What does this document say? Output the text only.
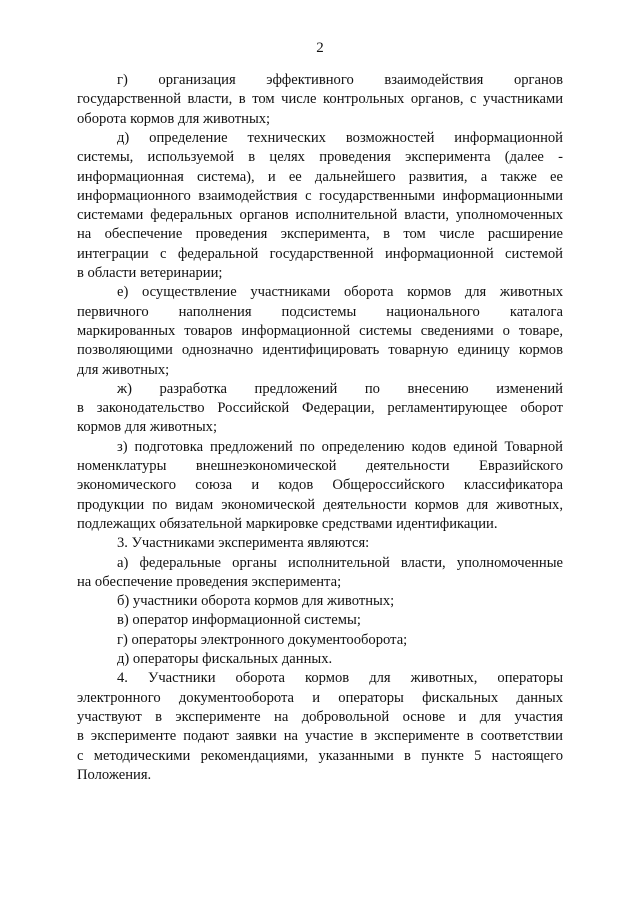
2
г) организация эффективного взаимодействия органов
государственной власти, в том числе контрольных органов, с участниками
оборота кормов для животных;
д) определение технических возможностей информационной
системы, используемой в целях проведения эксперимента (далее -
информационная система), и ее дальнейшего развития, а также ее
информационного взаимодействия с государственными информационными
системами федеральных органов исполнительной власти, уполномоченных
на обеспечение проведения эксперимента, в том числе расширение
интеграции с федеральной государственной информационной системой
в области ветеринарии;
е) осуществление участниками оборота кормов для животных
первичного наполнения подсистемы национального каталога
маркированных товаров информационной системы сведениями о товаре,
позволяющими однозначно идентифицировать товарную единицу кормов
для животных;
ж) разработка предложений по внесению изменений
в законодательство Российской Федерации, регламентирующее оборот
кормов для животных;
з) подготовка предложений по определению кодов единой Товарной
номенклатуры внешнеэкономической деятельности Евразийского
экономического союза и кодов Общероссийского классификатора
продукции по видам экономической деятельности кормов для животных,
подлежащих обязательной маркировке средствами идентификации.
3. Участниками эксперимента являются:
а) федеральные органы исполнительной власти, уполномоченные
на обеспечение проведения эксперимента;
б) участники оборота кормов для животных;
в) оператор информационной системы;
г) операторы электронного документооборота;
д) операторы фискальных данных.
4. Участники оборота кормов для животных, операторы
электронного документооборота и операторы фискальных данных
участвуют в эксперименте на добровольной основе и для участия
в эксперименте подают заявки на участие в эксперименте в соответствии
с методическими рекомендациями, указанными в пункте 5 настоящего
Положения.
